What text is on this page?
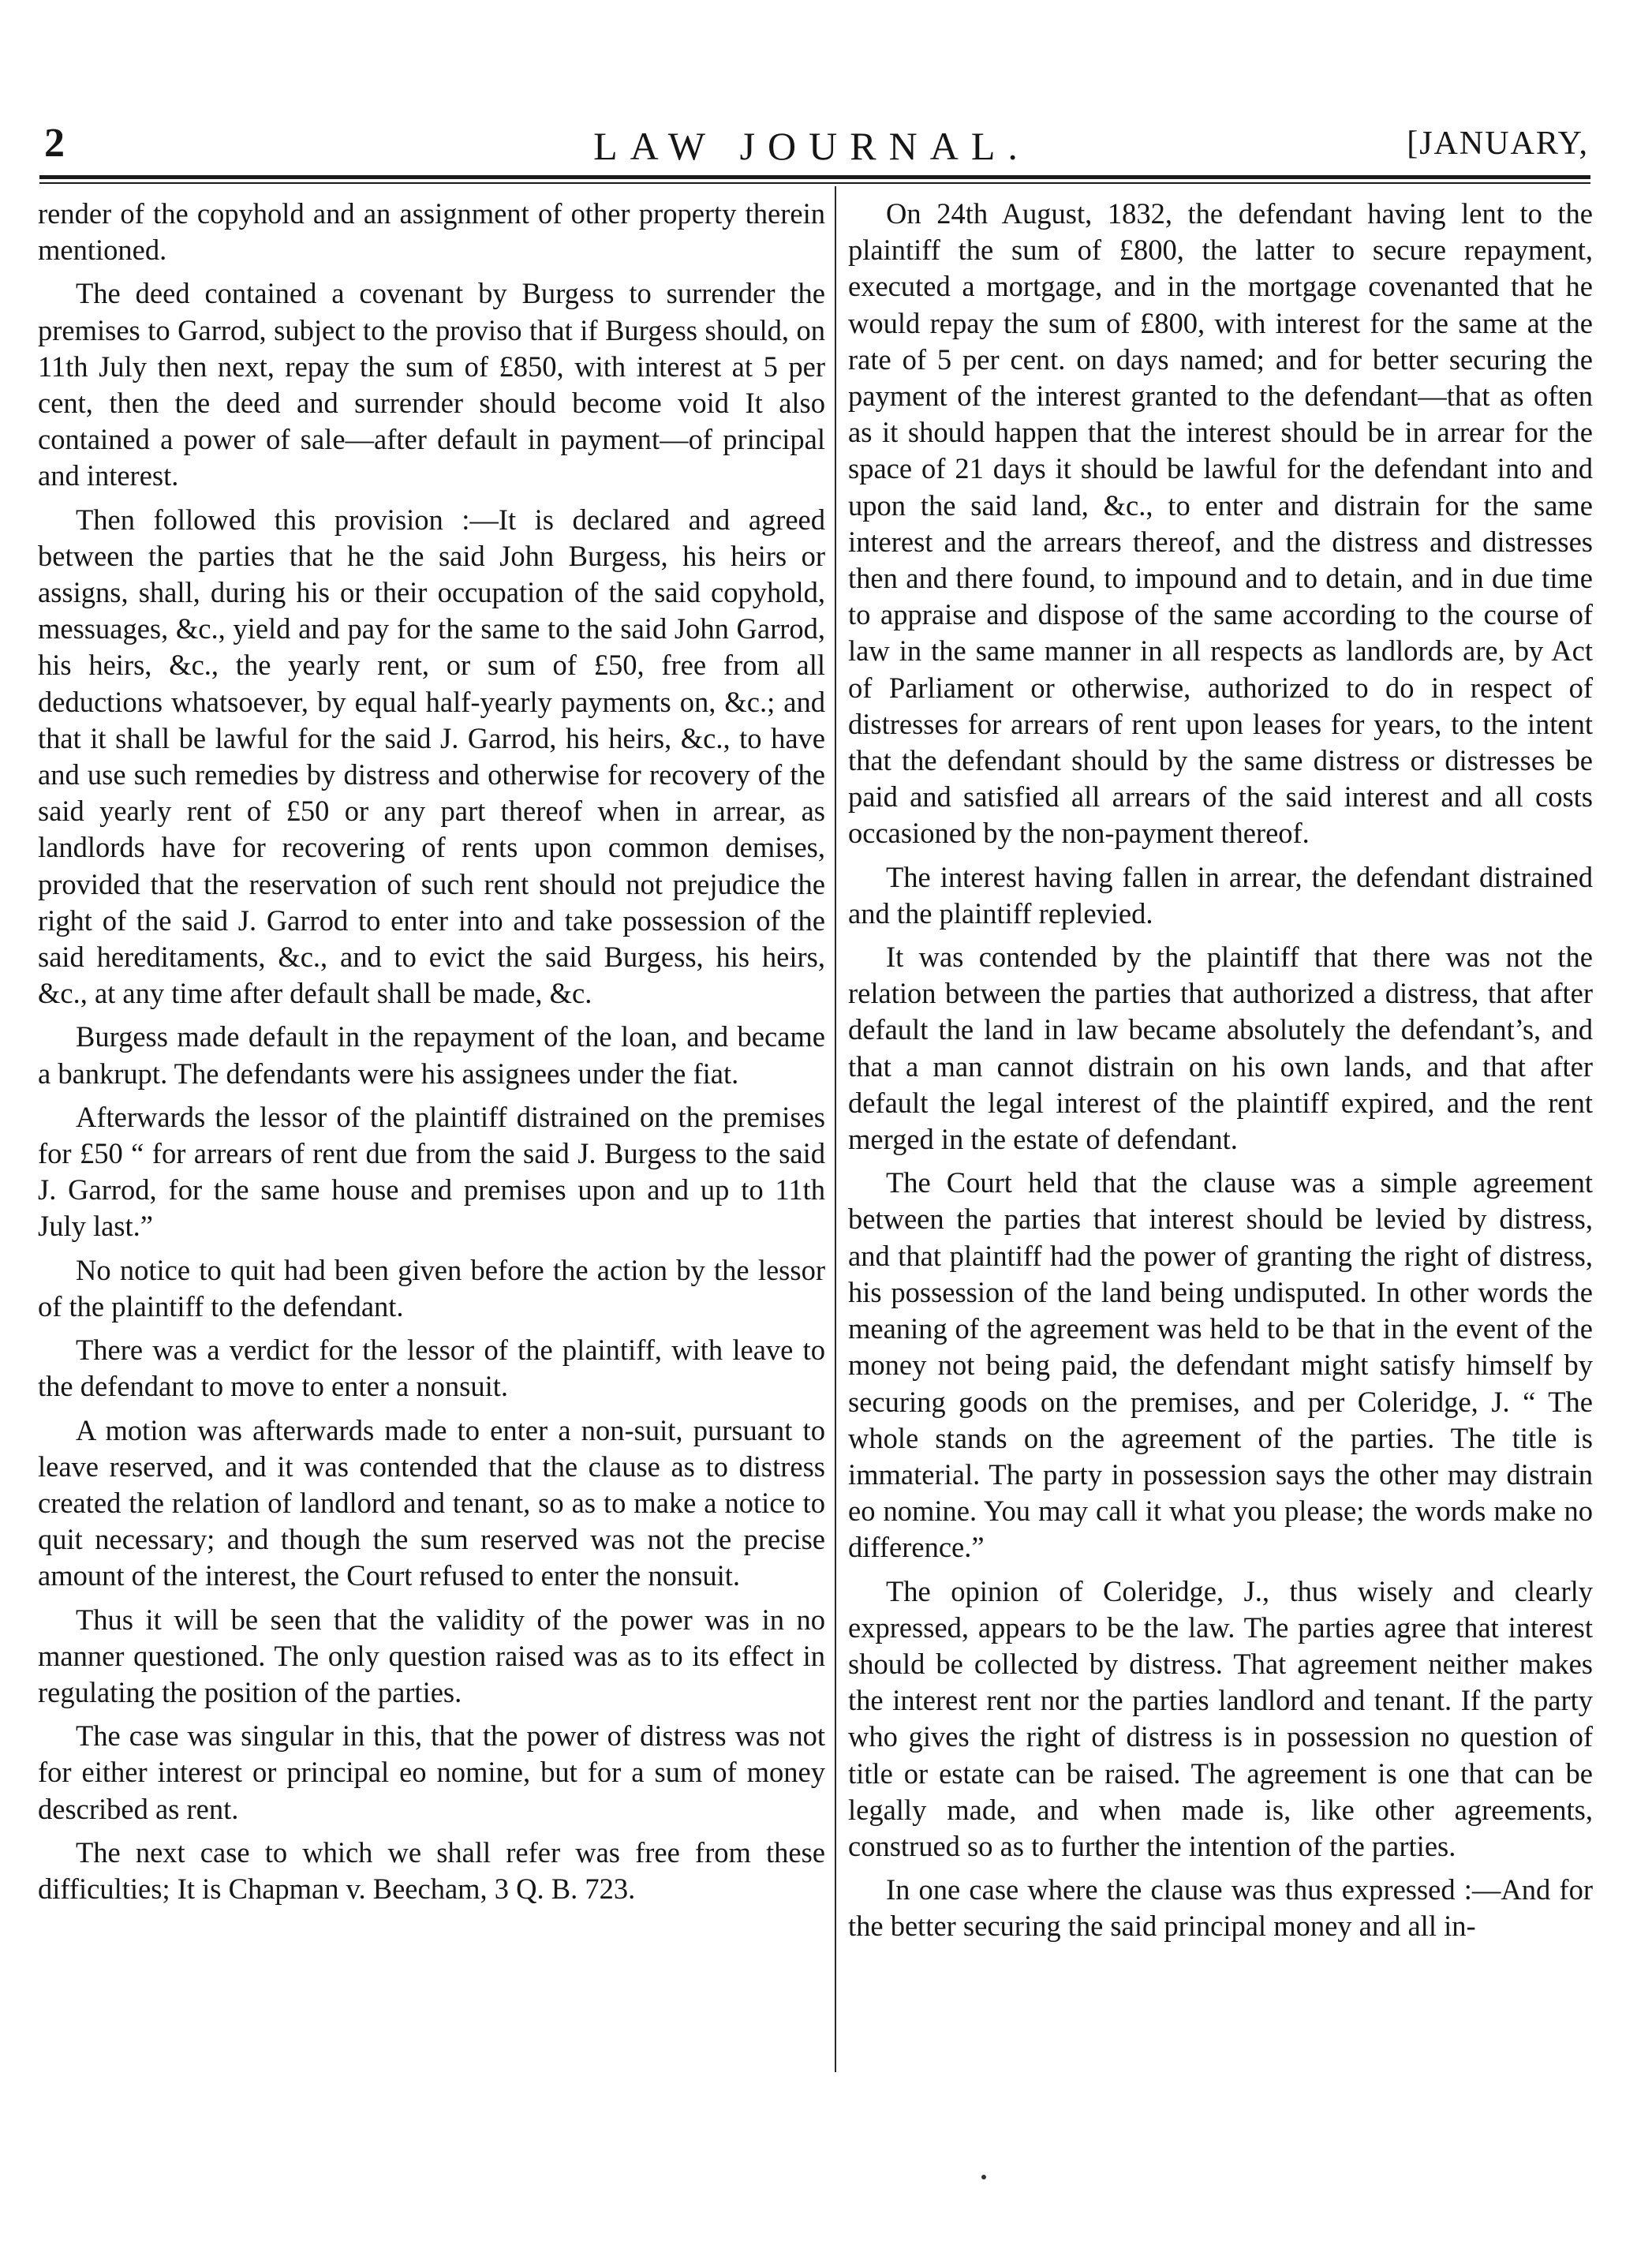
2	LAW JOURNAL.	[JANUARY,

render of the copyhold and an assignment of other property therein mentioned.

The deed contained a covenant by Burgess to surrender the premises to Garrod, subject to the proviso that if Burgess should, on 11th July then next, repay the sum of £850, with interest at 5 per cent, then the deed and surrender should become void It also contained a power of sale—after default in payment—of principal and interest.

Then followed this provision :—It is declared and agreed between the parties that he the said John Burgess, his heirs or assigns, shall, during his or their occupation of the said copyhold, messuages, &c., yield and pay for the same to the said John Garrod, his heirs, &c., the yearly rent, or sum of £50, free from all deductions whatsoever, by equal half-yearly payments on, &c.; and that it shall be lawful for the said J. Garrod, his heirs, &c., to have and use such remedies by distress and otherwise for recovery of the said yearly rent of £50 or any part thereof when in arrear, as landlords have for recovering of rents upon common demises, provided that the reservation of such rent should not prejudice the right of the said J. Garrod to enter into and take possession of the said hereditaments, &c., and to evict the said Burgess, his heirs, &c., at any time after default shall be made, &c.

Burgess made default in the repayment of the loan, and became a bankrupt. The defendants were his assignees under the fiat.

Afterwards the lessor of the plaintiff distrained on the premises for £50 “ for arrears of rent due from the said J. Burgess to the said J. Garrod, for the same house and premises upon and up to 11th July last.”

No notice to quit had been given before the action by the lessor of the plaintiff to the defendant.

There was a verdict for the lessor of the plaintiff, with leave to the defendant to move to enter a nonsuit.

A motion was afterwards made to enter a non-suit, pursuant to leave reserved, and it was contended that the clause as to distress created the relation of landlord and tenant, so as to make a notice to quit necessary; and though the sum reserved was not the precise amount of the interest, the Court refused to enter the nonsuit.

Thus it will be seen that the validity of the power was in no manner questioned. The only question raised was as to its effect in regulating the position of the parties.

The case was singular in this, that the power of distress was not for either interest or principal eo nomine, but for a sum of money described as rent.

The next case to which we shall refer was free from these difficulties; It is Chapman v. Beecham, 3 Q. B. 723.

On 24th August, 1832, the defendant having lent to the plaintiff the sum of £800, the latter to secure repayment, executed a mortgage, and in the mortgage covenanted that he would repay the sum of £800, with interest for the same at the rate of 5 per cent. on days named; and for better securing the payment of the interest granted to the defendant—that as often as it should happen that the interest should be in arrear for the space of 21 days it should be lawful for the defendant into and upon the said land, &c., to enter and distrain for the same interest and the arrears thereof, and the distress and distresses then and there found, to impound and to detain, and in due time to appraise and dispose of the same according to the course of law in the same manner in all respects as landlords are, by Act of Parliament or otherwise, authorized to do in respect of distresses for arrears of rent upon leases for years, to the intent that the defendant should by the same distress or distresses be paid and satisfied all arrears of the said interest and all costs occasioned by the non-payment thereof.

The interest having fallen in arrear, the defendant distrained and the plaintiff replevied.

It was contended by the plaintiff that there was not the relation between the parties that authorized a distress, that after default the land in law became absolutely the defendant’s, and that a man cannot distrain on his own lands, and that after default the legal interest of the plaintiff expired, and the rent merged in the estate of defendant.

The Court held that the clause was a simple agreement between the parties that interest should be levied by distress, and that plaintiff had the power of granting the right of distress, his possession of the land being undisputed. In other words the meaning of the agreement was held to be that in the event of the money not being paid, the defendant might satisfy himself by securing goods on the premises, and per Coleridge, J. “ The whole stands on the agreement of the parties. The title is immaterial. The party in possession says the other may distrain eo nomine. You may call it what you please; the words make no difference.”

The opinion of Coleridge, J., thus wisely and clearly expressed, appears to be the law. The parties agree that interest should be collected by distress. That agreement neither makes the interest rent nor the parties landlord and tenant. If the party who gives the right of distress is in possession no question of title or estate can be raised. The agreement is one that can be legally made, and when made is, like other agreements, construed so as to further the intention of the parties.

In one case where the clause was thus expressed :—And for the better securing the said principal money and all in-
